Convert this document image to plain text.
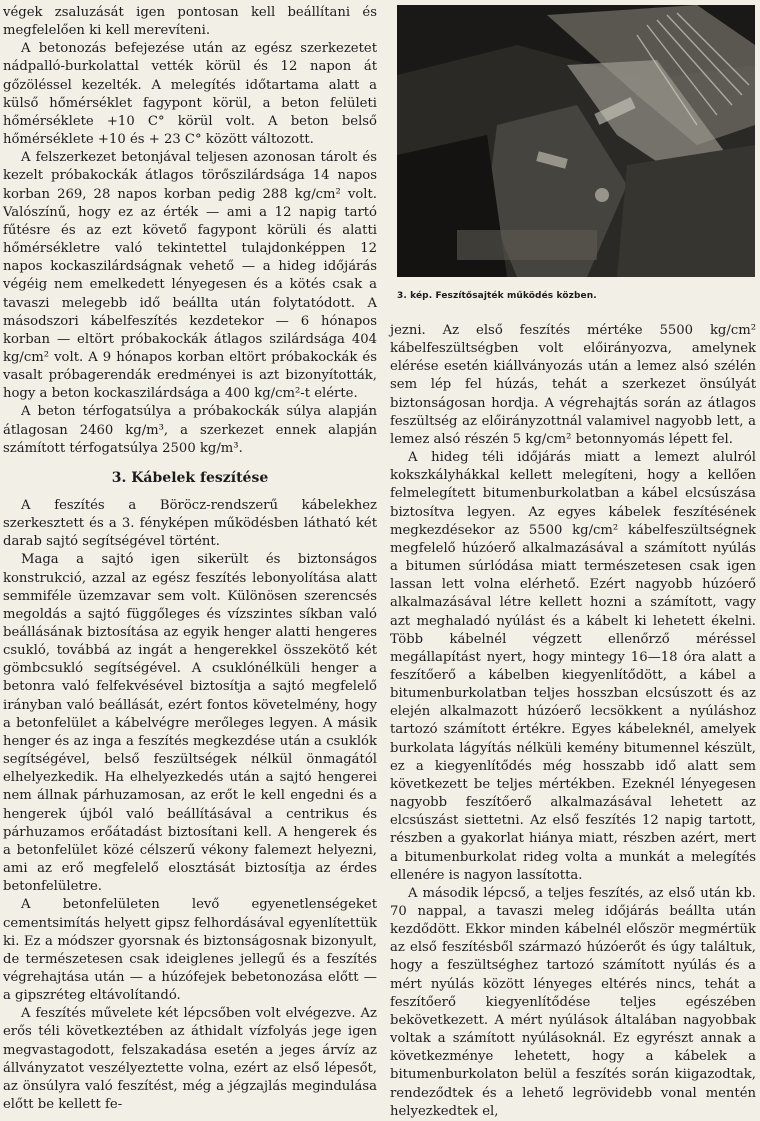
végek zsaluzását igen pontosan kell beállítani és megfelelően ki kell merevíteni.

A betonozás befejezése után az egész szerkezetet nádpalló-burkolattal vették körül és 12 napon át gőzöléssel kezelték. A melegítés időtartama alatt a külső hőmérséklet fagypont körül, a beton felületi hőmérséklete +10 C° körül volt. A beton belső hőmérséklete +10 és + 23 C° között változott.

A felszerkezet betonjával teljesen azonosan tárolt és kezelt próbakockák átlagos törőszilárdsága 14 napos korban 269, 28 napos korban pedig 288 kg/cm² volt. Valószínű, hogy ez az érték — ami a 12 napig tartó fűtésre és az ezt követő fagypont körüli és alatti hőmérsékletre való tekintettel tulajdonképpen 12 napos kockaszilárdságnak vehető — a hideg időjárás végéig nem emelkedett lényegesen és a kötés csak a tavaszi melegebb idő beállta után folytatódott. A másodszori kábelfeszítés kezdetekor — 6 hónapos korban — eltört próbakockák átlagos szilárdsága 404 kg/cm² volt. A 9 hónapos korban eltört próbakockák és vasalt próbagerendák eredményei is azt bizonyították, hogy a beton kockaszilárdsága a 400 kg/cm²-t elérte.

A beton térfogatsúlya a próbakockák súlya alapján átlagosan 2460 kg/m³, a szerkezet ennek alapján számított térfogatsúlya 2500 kg/m³.

3. Kábelek feszítése

A feszítés a Böröcz-rendszerű kábelekhez szerkesztett és a 3. fényképen működésben látható két darab sajtó segítségével történt.

Maga a sajtó igen sikerült és biztonságos konstrukció, azzal az egész feszítés lebonyolítása alatt semmiféle üzemzavar sem volt. Különösen szerencsés megoldás a sajtó függőleges és vízszintes síkban való beállásának biztosítása az egyik henger alatti hengeres csukló, továbbá az ingát a hengerekkel összekötő két gömbcsukló segítségével. A csuklónélküli henger a betonra való felfekvésével biztosítja a sajtó megfelelő irányban való beállását, ezért fontos követelmény, hogy a betonfelület a kábelvégre merőleges legyen. A másik henger és az inga a feszítés megkezdése után a csuklók segítségével, belső feszültségek nélkül önmagától elhelyezkedik. Ha elhelyezkedés után a sajtó hengerei nem állnak párhuzamosan, az erőt le kell engedni és a hengerek újból való beállításával a centrikus és párhuzamos erőátadást biztosítani kell. A hengerek és a betonfelület közé célszerű vékony falemezt helyezni, ami az erő megfelelő elosztását biztosítja az érdes betonfelületre.

A betonfelületen levő egyenetlenségeket cementsimítás helyett gipsz felhordásával egyenlítettük ki. Ez a módszer gyorsnak és biztonságosnak bizonyult, de természetesen csak ideiglenes jellegű és a feszítés végrehajtása után — a húzófejek bebetonozása előtt — a gipszréteg eltávolítandó.

A feszítés művelete két lépcsőben volt elvégezve. Az erős téli következtében az áthidalt vízfolyás jege igen megvastagodott, felszakadása esetén a jeges árvíz az állványzatot veszélyeztette volna, ezért az első lépesőt, az önsúlyra való feszítést, még a jégzajlás megindulása előtt be kellett fe-

3. kép. Feszítősajték működés közben.

jezni. Az első feszítés mértéke 5500 kg/cm² kábelfeszültségben volt előirányozva, amelynek elérése esetén kiállványozás után a lemez alsó szélén sem lép fel húzás, tehát a szerkezet önsúlyát biztonságosan hordja. A végrehajtás során az átlagos feszültség az előirányzottnál valamivel nagyobb lett, a lemez alsó részén 5 kg/cm² betonnyomás lépett fel.

A hideg téli időjárás miatt a lemezt alulról kokszkályhákkal kellett melegíteni, hogy a kellően felmelegített bitumenburkolatban a kábel elcsúszása biztosítva legyen. Az egyes kábelek feszítésének megkezdésekor az 5500 kg/cm² kábelfeszültségnek megfelelő húzóerő alkalmazásával a számított nyúlás a bitumen súrlódása miatt természetesen csak igen lassan lett volna elérhető. Ezért nagyobb húzóerő alkalmazásával létre kellett hozni a számított, vagy azt meghaladó nyúlást és a kábelt ki lehetett ékelni. Több kábelnél végzett ellenőrző méréssel megállapítást nyert, hogy mintegy 16—18 óra alatt a feszítőerő a kábelben kiegyenlítődött, a kábel a bitumenburkolatban teljes hosszban elcsúszott és az elején alkalmazott húzóerő lecsökkent a nyúláshoz tartozó számított értékre. Egyes kábeleknél, amelyek burkolata lágyítás nélküli kemény bitumennel készült, ez a kiegyenlítődés még hosszabb idő alatt sem következett be teljes mértékben. Ezeknél lényegesen nagyobb feszítőerő alkalmazásával lehetett az elcsúszást siettetni. Az első feszítés 12 napig tartott, részben a gyakorlat hiánya miatt, részben azért, mert a bitumenburkolat rideg volta a munkát a melegítés ellenére is nagyon lassította.

A második lépcső, a teljes feszítés, az első után kb. 70 nappal, a tavaszi meleg időjárás beállta után kezdődött. Ekkor minden kábelnél először megmértük az első feszítésből származó húzóerőt és úgy találtuk, hogy a feszültséghez tartozó számított nyúlás és a mért nyúlás között lényeges eltérés nincs, tehát a feszítőerő kiegyenlítődése teljes egészében bekövetkezett. A mért nyúlások általában nagyobbak voltak a számított nyúlásoknál. Ez egyrészt annak a következménye lehetett, hogy a kábelek a bitumenburkolaton belül a feszítés során kiigazodtak, rendeződtek és a lehető legrövidebb vonal mentén helyezkedtek el,
